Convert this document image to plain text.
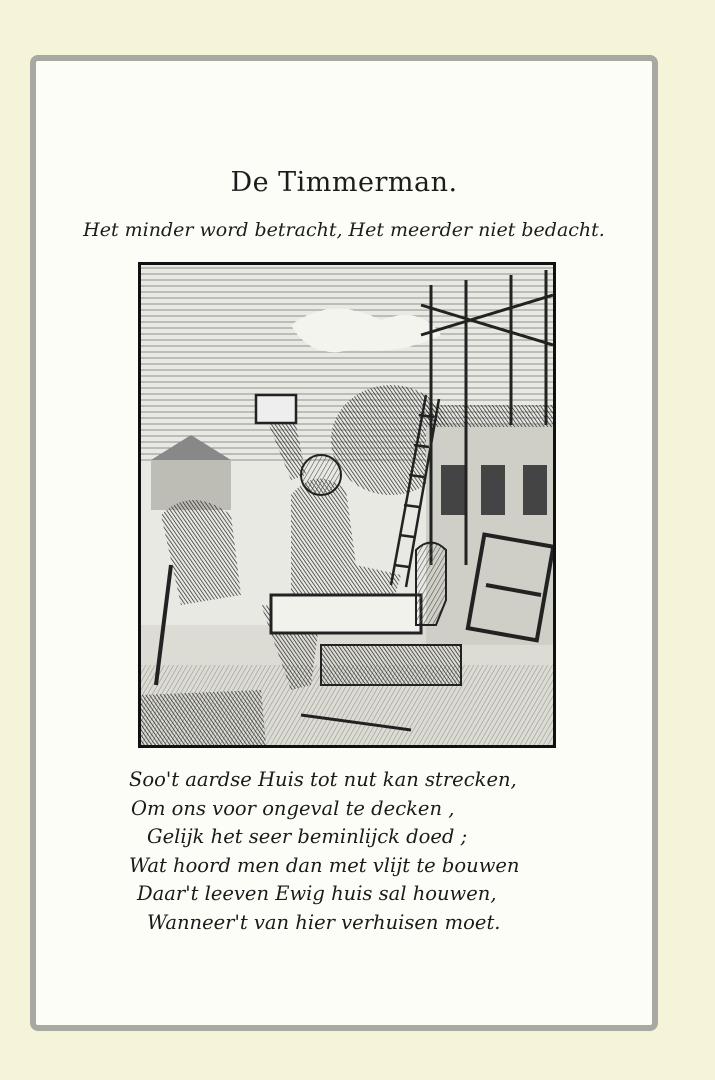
De Timmerman.
Het minder word betracht, Het meerder niet bedacht.
Soo't aardse Huis tot nut kan strecken,
Om ons voor ongeval te decken ,
Gelijk het seer beminlijck doed ;
Wat hoord men dan met vlijt te bouwen
Daar't leeven Ewig huis sal houwen,
Wanneer't van hier verhuisen moet.
